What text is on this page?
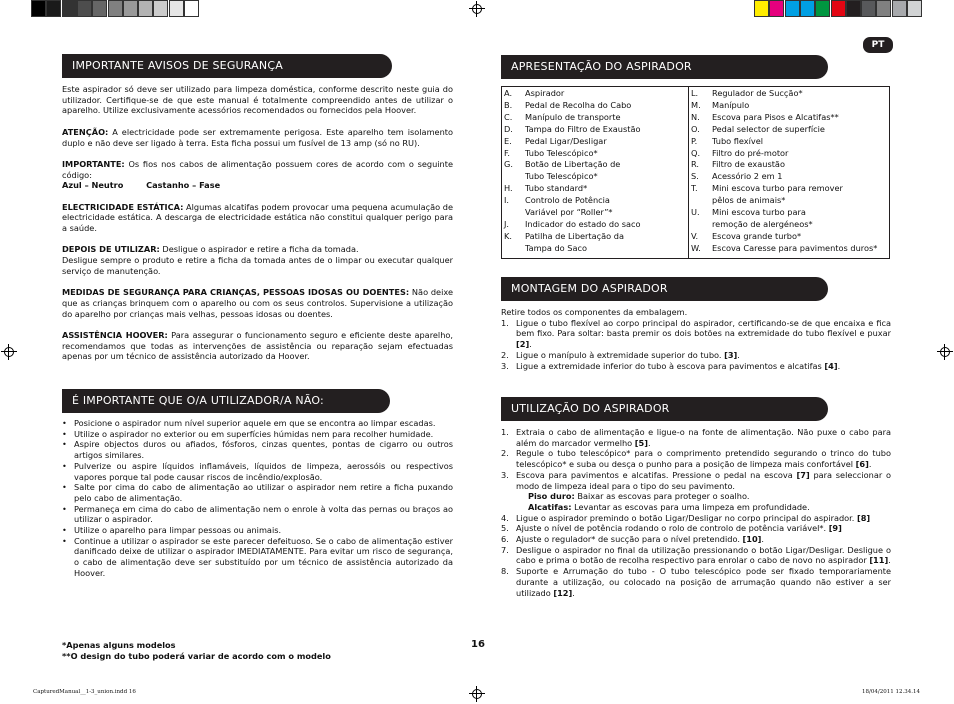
PT
IMPORTANTE AVISOS DE SEGURANÇA

Este aspirador só deve ser utilizado para limpeza doméstica, conforme descrito neste guia do utilizador. Certifique-se de que este manual é totalmente compreendido antes de utilizar o aparelho. Utilize exclusivamente acessórios recomendados ou fornecidos pela Hoover.

ATENÇÃO: A electricidade pode ser extremamente perigosa. Este aparelho tem isolamento duplo e não deve ser ligado à terra. Esta ficha possui um fusível de 13 amp (só no RU).

IMPORTANTE: Os fios nos cabos de alimentação possuem cores de acordo com o seguinte código:
Azul – Neutro        Castanho – Fase

ELECTRICIDADE ESTÁTICA: Algumas alcatifas podem provocar uma pequena acumulação de electricidade estática. A descarga de electricidade estática não constitui qualquer perigo para a saúde.

DEPOIS DE UTILIZAR: Desligue o aspirador e retire a ficha da tomada.
Desligue sempre o produto e retire a ficha da tomada antes de o limpar ou executar qualquer serviço de manutenção.

MEDIDAS DE SEGURANÇA PARA CRIANÇAS, PESSOAS IDOSAS OU DOENTES: Não deixe que as crianças brinquem com o aparelho ou com os seus controlos. Supervisione a utilização do aparelho por crianças mais velhas, pessoas idosas ou doentes.

ASSISTÊNCIA HOOVER: Para assegurar o funcionamento seguro e eficiente deste aparelho, recomendamos que todas as intervenções de assistência ou reparação sejam efectuadas apenas por um técnico de assistência autorizado da Hoover.

É IMPORTANTE QUE O/A UTILIZADOR/A NÃO:
• Posicione o aspirador num nível superior aquele em que se encontra ao limpar escadas.
• Utilize o aspirador no exterior ou em superfícies húmidas nem para recolher humidade.
• Aspire objectos duros ou afiados, fósforos, cinzas quentes, pontas de cigarro ou outros artigos similares.
• Pulverize ou aspire líquidos inflamáveis, líquidos de limpeza, aerossóis ou respectivos vapores porque tal pode causar riscos de incêndio/explosão.
• Salte por cima do cabo de alimentação ao utilizar o aspirador nem retire a ficha puxando pelo cabo de alimentação.
• Permaneça em cima do cabo de alimentação nem o enrole à volta das pernas ou braços ao utilizar o aspirador.
• Utilize o aparelho para limpar pessoas ou animais.
• Continue a utilizar o aspirador se este parecer defeituoso. Se o cabo de alimentação estiver danificado deixe de utilizar o aspirador IMEDIATAMENTE. Para evitar um risco de segurança, o cabo de alimentação deve ser substituído por um técnico de assistência autorizado da Hoover.
*Apenas alguns modelos
**O design do tubo poderá variar de acordo com o modelo
16
APRESENTAÇÃO DO ASPIRADOR
A.	Aspirador
B.	Pedal de Recolha do Cabo
C.	Manípulo de transporte
D.	Tampa do Filtro de Exaustão
E.	Pedal Ligar/Desligar
F.	Tubo Telescópico*
G.	Botão de Libertação de
	Tubo Telescópico*
H.	Tubo standard*
I.	Controlo de Potência
	Variável por “Roller”*
J.	Indicador do estado do saco
K.	Patilha de Libertação da
	Tampa do Saco
L.	Regulador de Sucção*
M.	Manípulo
N.	Escova para Pisos e Alcatifas**
O.	Pedal selector de superfície
P.	Tubo flexível
Q.	Filtro do pré-motor
R.	Filtro de exaustão
S.	Acessório 2 em 1
T.	Mini escova turbo para remover
	pêlos de animais*
U.	Mini escova turbo para
	remoção de alergéneos*
V.	Escova grande turbo*
W.	Escova Caresse para pavimentos duros*
MONTAGEM DO ASPIRADOR
Retire todos os componentes da embalagem.
1. Ligue o tubo flexível ao corpo principal do aspirador, certificando-se de que encaixa e fica bem fixo. Para soltar: basta premir os dois botões na extremidade do tubo flexível e puxar [2].
2. Ligue o manípulo à extremidade superior do tubo. [3].
3. Ligue a extremidade inferior do tubo à escova para pavimentos e alcatifas [4].
UTILIZAÇÃO DO ASPIRADOR
1. Extraia o cabo de alimentação e ligue-o na fonte de alimentação. Não puxe o cabo para além do marcador vermelho [5].
2. Regule o tubo telescópico* para o comprimento pretendido segurando o trinco do tubo telescópico* e suba ou desça o punho para a posição de limpeza mais confortável [6].
3. Escova para pavimentos e alcatifas. Pressione o pedal na escova [7] para seleccionar o modo de limpeza ideal para o tipo do seu pavimento.
Piso duro: Baixar as escovas para proteger o soalho.
Alcatifas: Levantar as escovas para uma limpeza em profundidade.
4. Ligue o aspirador premindo o botão Ligar/Desligar no corpo principal do aspirador. [8]
5. Ajuste o nível de potência rodando o rolo de controlo de potência variável*. [9]
6. Ajuste o regulador* de sucção para o nível pretendido. [10].
7. Desligue o aspirador no final da utilização pressionando o botão Ligar/Desligar. Desligue o cabo e prima o botão de recolha respectivo para enrolar o cabo de novo no aspirador [11].
8. Suporte e Arrumação do tubo - O tubo telescópico pode ser fixado temporariamente durante a utilização, ou colocado na posição de arrumação quando não estiver a ser utilizado [12].
CapturedManual__1-3_union.indd 16	18/04/2011 12.34.14
